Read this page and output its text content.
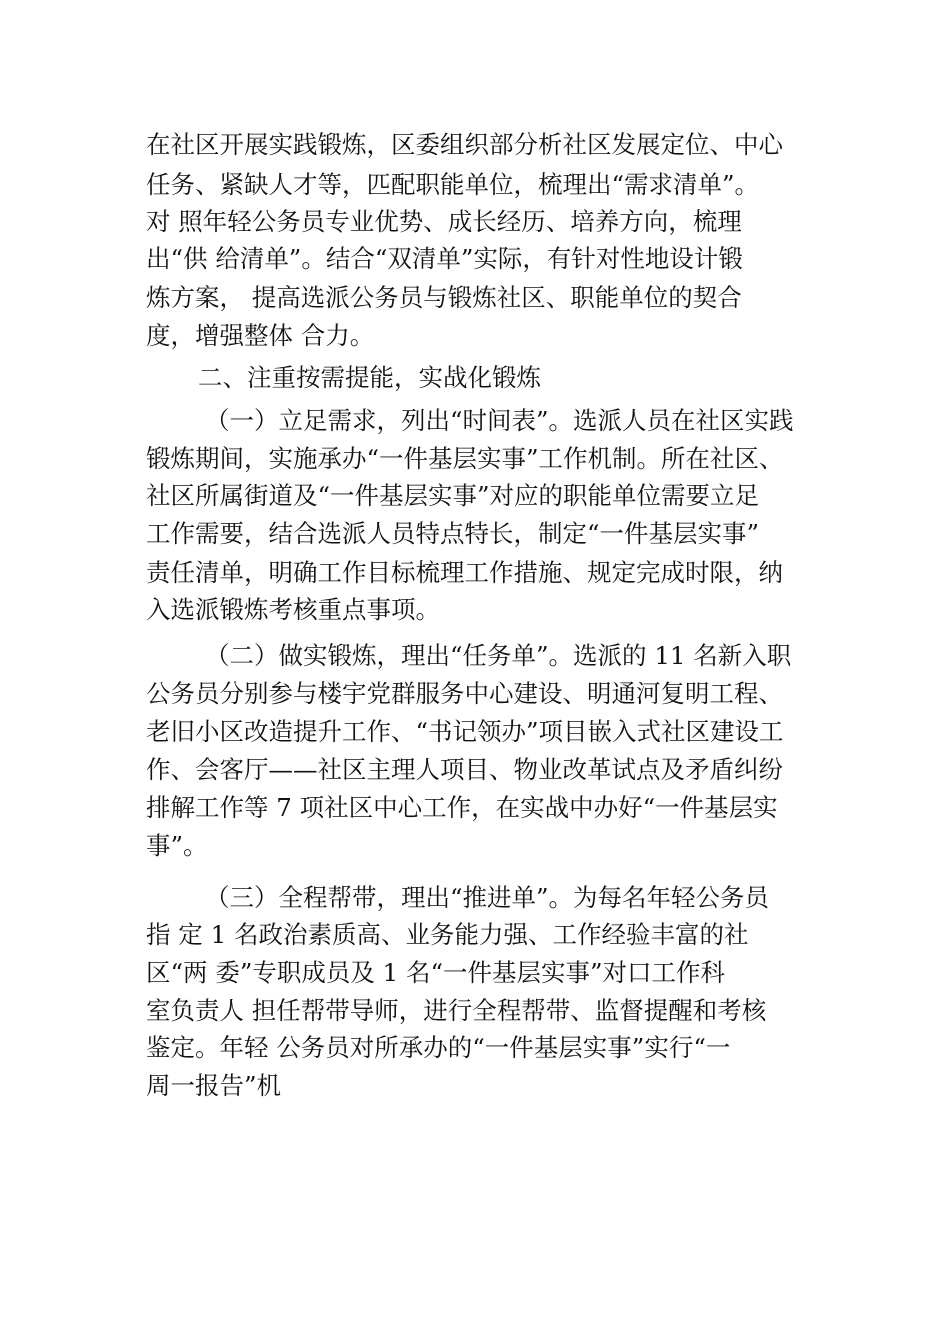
在社区开展实践锻炼，区委组织部分析社区发展定位、中心
任务、紧缺人才等，匹配职能单位，梳理出“需求清单”。
对 照年轻公务员专业优势、成长经历、培养方向，梳理
出“供 给清单”。结合“双清单”实际，有针对性地设计锻
炼方案， 提高选派公务员与锻炼社区、职能单位的契合
度，增强整体 合力。
二、注重按需提能，实战化锻炼
（一）立足需求，列出“时间表”。选派人员在社区实践
锻炼期间，实施承办“一件基层实事”工作机制。所在社区、
社区所属街道及“一件基层实事”对应的职能单位需要立足
工作需要，结合选派人员特点特长，制定“一件基层实事”
责任清单，明确工作目标梳理工作措施、规定完成时限，纳
入选派锻炼考核重点事项。
（二）做实锻炼，理出“任务单”。选派的 11 名新入职
公务员分别参与楼宇党群服务中心建设、明通河复明工程、
老旧小区改造提升工作、“书记领办”项目嵌入式社区建设工
作、会客厅——社区主理人项目、物业改革试点及矛盾纠纷
排解工作等 7 项社区中心工作，在实战中办好“一件基层实
事”。
（三）全程帮带，理出“推进单”。为每名年轻公务员
指 定 1 名政治素质高、业务能力强、工作经验丰富的社
区“两 委”专职成员及 1 名“一件基层实事”对口工作科
室负责人 担任帮带导师，进行全程帮带、监督提醒和考核
鉴定。年轻 公务员对所承办的“一件基层实事”实行“一
周一报告”机
